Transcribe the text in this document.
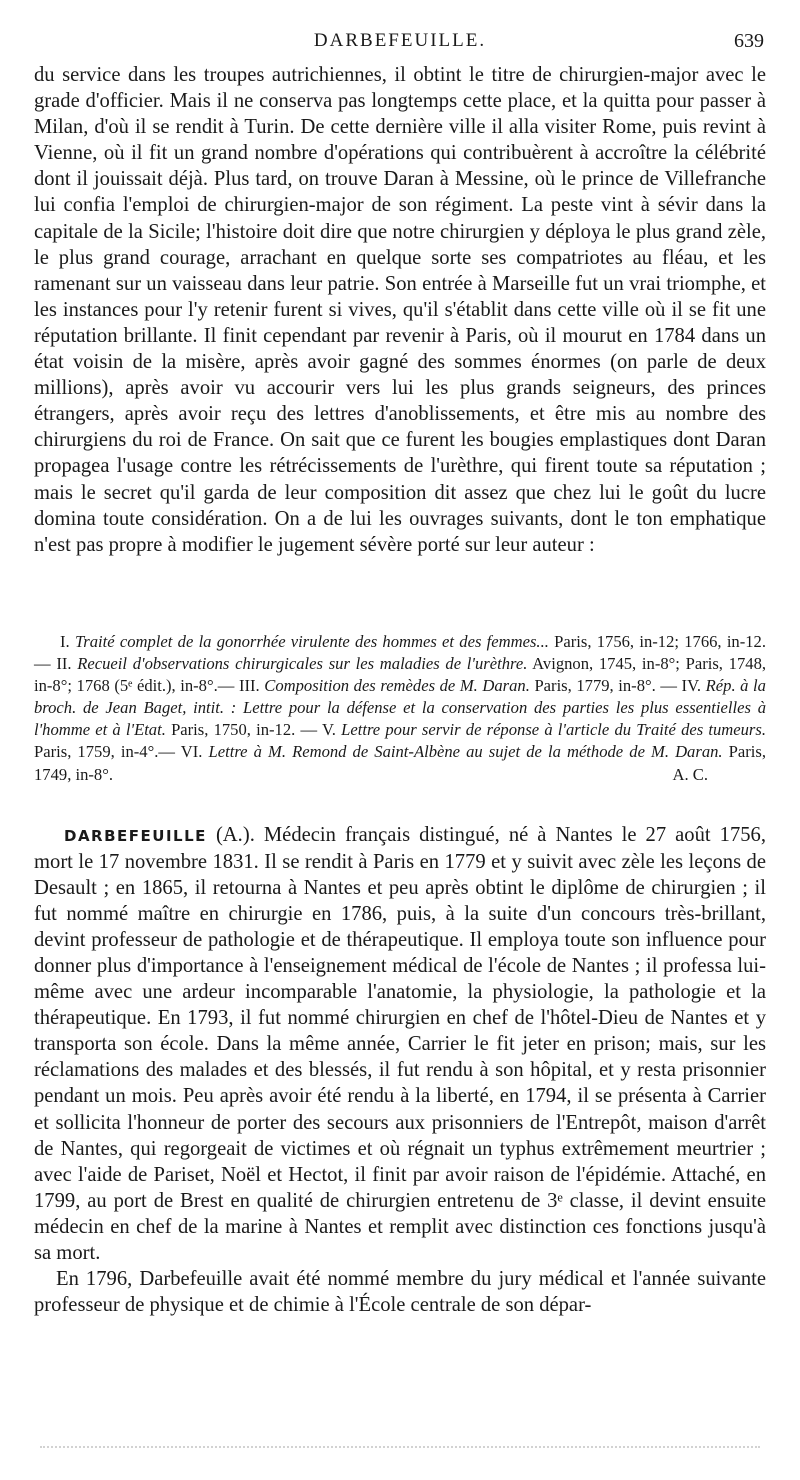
DARBEFEUILLE.	639

du service dans les troupes autrichiennes, il obtint le titre de chirurgien-major avec le grade d'officier. Mais il ne conserva pas longtemps cette place, et la quitta pour passer à Milan, d'où il se rendit à Turin. De cette dernière ville il alla visiter Rome, puis revint à Vienne, où il fit un grand nombre d'opérations qui contribuèrent à accroître la célébrité dont il jouissait déjà. Plus tard, on trouve Daran à Messine, où le prince de Villefranche lui confia l'emploi de chirurgien-major de son régiment. La peste vint à sévir dans la capitale de la Sicile; l'histoire doit dire que notre chirurgien y déploya le plus grand zèle, le plus grand courage, arrachant en quelque sorte ses compatriotes au fléau, et les ramenant sur un vaisseau dans leur patrie. Son entrée à Marseille fut un vrai triomphe, et les instances pour l'y retenir furent si vives, qu'il s'établit dans cette ville où il se fit une réputation brillante. Il finit cependant par revenir à Paris, où il mourut en 1784 dans un état voisin de la misère, après avoir gagné des sommes énormes (on parle de deux millions), après avoir vu accourir vers lui les plus grands seigneurs, des princes étrangers, après avoir reçu des lettres d'anoblissements, et être mis au nombre des chirurgiens du roi de France. On sait que ce furent les bougies emplastiques dont Daran propagea l'usage contre les rétrécissements de l'urèthre, qui firent toute sa réputation ; mais le secret qu'il garda de leur composition dit assez que chez lui le goût du lucre domina toute considération. On a de lui les ouvrages suivants, dont le ton emphatique n'est pas propre à modifier le jugement sévère porté sur leur auteur :

I. Traité complet de la gonorrhée virulente des hommes et des femmes... Paris, 1756, in-12; 1766, in-12. — II. Recueil d'observations chirurgicales sur les maladies de l'urèthre. Avignon, 1745, in-8°; Paris, 1748, in-8°; 1768 (5ᵉ édit.), in-8°.— III. Composition des remèdes de M. Daran. Paris, 1779, in-8°. — IV. Rép. à la broch. de Jean Baget, intit. : Lettre pour la défense et la conservation des parties les plus essentielles à l'homme et à l'Etat. Paris, 1750, in-12. — V. Lettre pour servir de réponse à l'article du Traité des tumeurs. Paris, 1759, in-4°.— VI. Lettre à M. Remond de Saint-Albène au sujet de la méthode de M. Daran. Paris, 1749, in-8°.	A. C.

DARBEFEUILLE (A.). Médecin français distingué, né à Nantes le 27 août 1756, mort le 17 novembre 1831. Il se rendit à Paris en 1779 et y suivit avec zèle les leçons de Desault ; en 1865, il retourna à Nantes et peu après obtint le diplôme de chirurgien ; il fut nommé maître en chirurgie en 1786, puis, à la suite d'un concours très-brillant, devint professeur de pathologie et de thérapeutique. Il employa toute son influence pour donner plus d'importance à l'enseignement médical de l'école de Nantes ; il professa lui-même avec une ardeur incomparable l'anatomie, la physiologie, la pathologie et la thérapeutique. En 1793, il fut nommé chirurgien en chef de l'hôtel-Dieu de Nantes et y transporta son école. Dans la même année, Carrier le fit jeter en prison; mais, sur les réclamations des malades et des blessés, il fut rendu à son hôpital, et y resta prisonnier pendant un mois. Peu après avoir été rendu à la liberté, en 1794, il se présenta à Carrier et sollicita l'honneur de porter des secours aux prisonniers de l'Entrepôt, maison d'arrêt de Nantes, qui regorgeait de victimes et où régnait un typhus extrêmement meurtrier ; avec l'aide de Pariset, Noël et Hectot, il finit par avoir raison de l'épidémie. Attaché, en 1799, au port de Brest en qualité de chirurgien entretenu de 3ᵉ classe, il devint ensuite médecin en chef de la marine à Nantes et remplit avec distinction ces fonctions jusqu'à sa mort.

En 1796, Darbefeuille avait été nommé membre du jury médical et l'année suivante professeur de physique et de chimie à l'École centrale de son dépar-
